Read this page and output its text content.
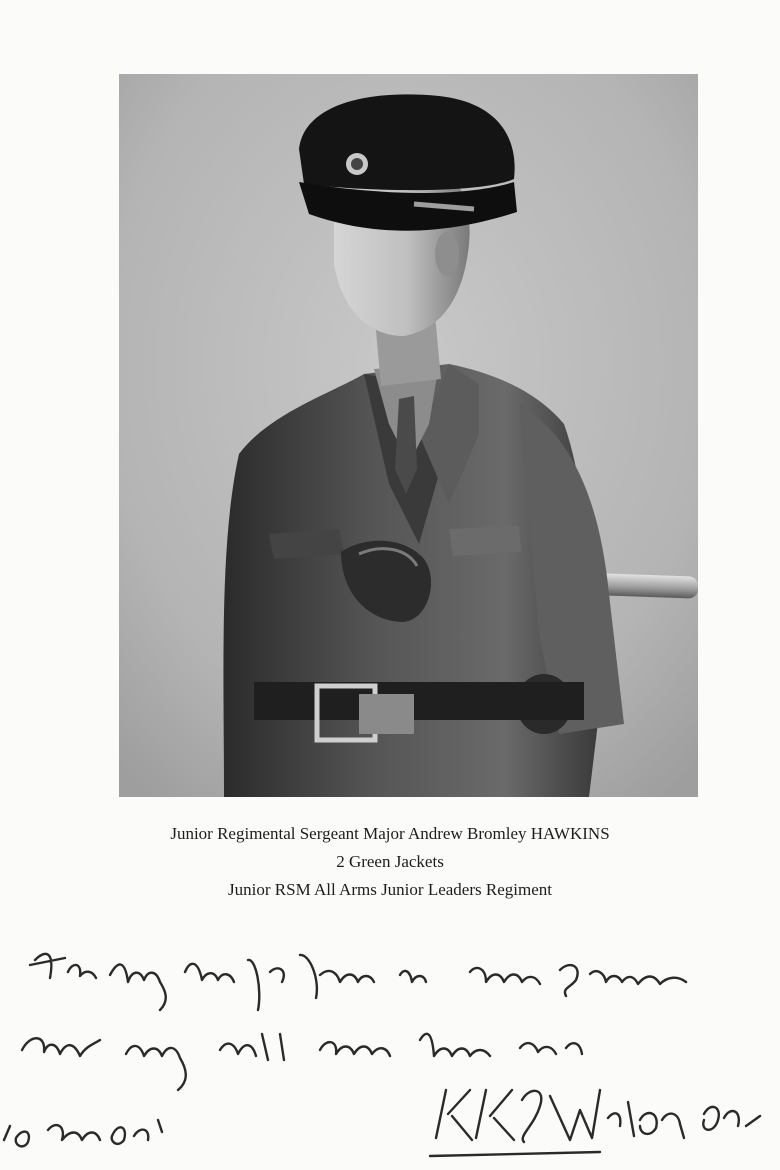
Junior Regimental Sergeant Major Andrew Bromley HAWKINS
2 Green Jackets
Junior RSM All Arms Junior Leaders Regiment
